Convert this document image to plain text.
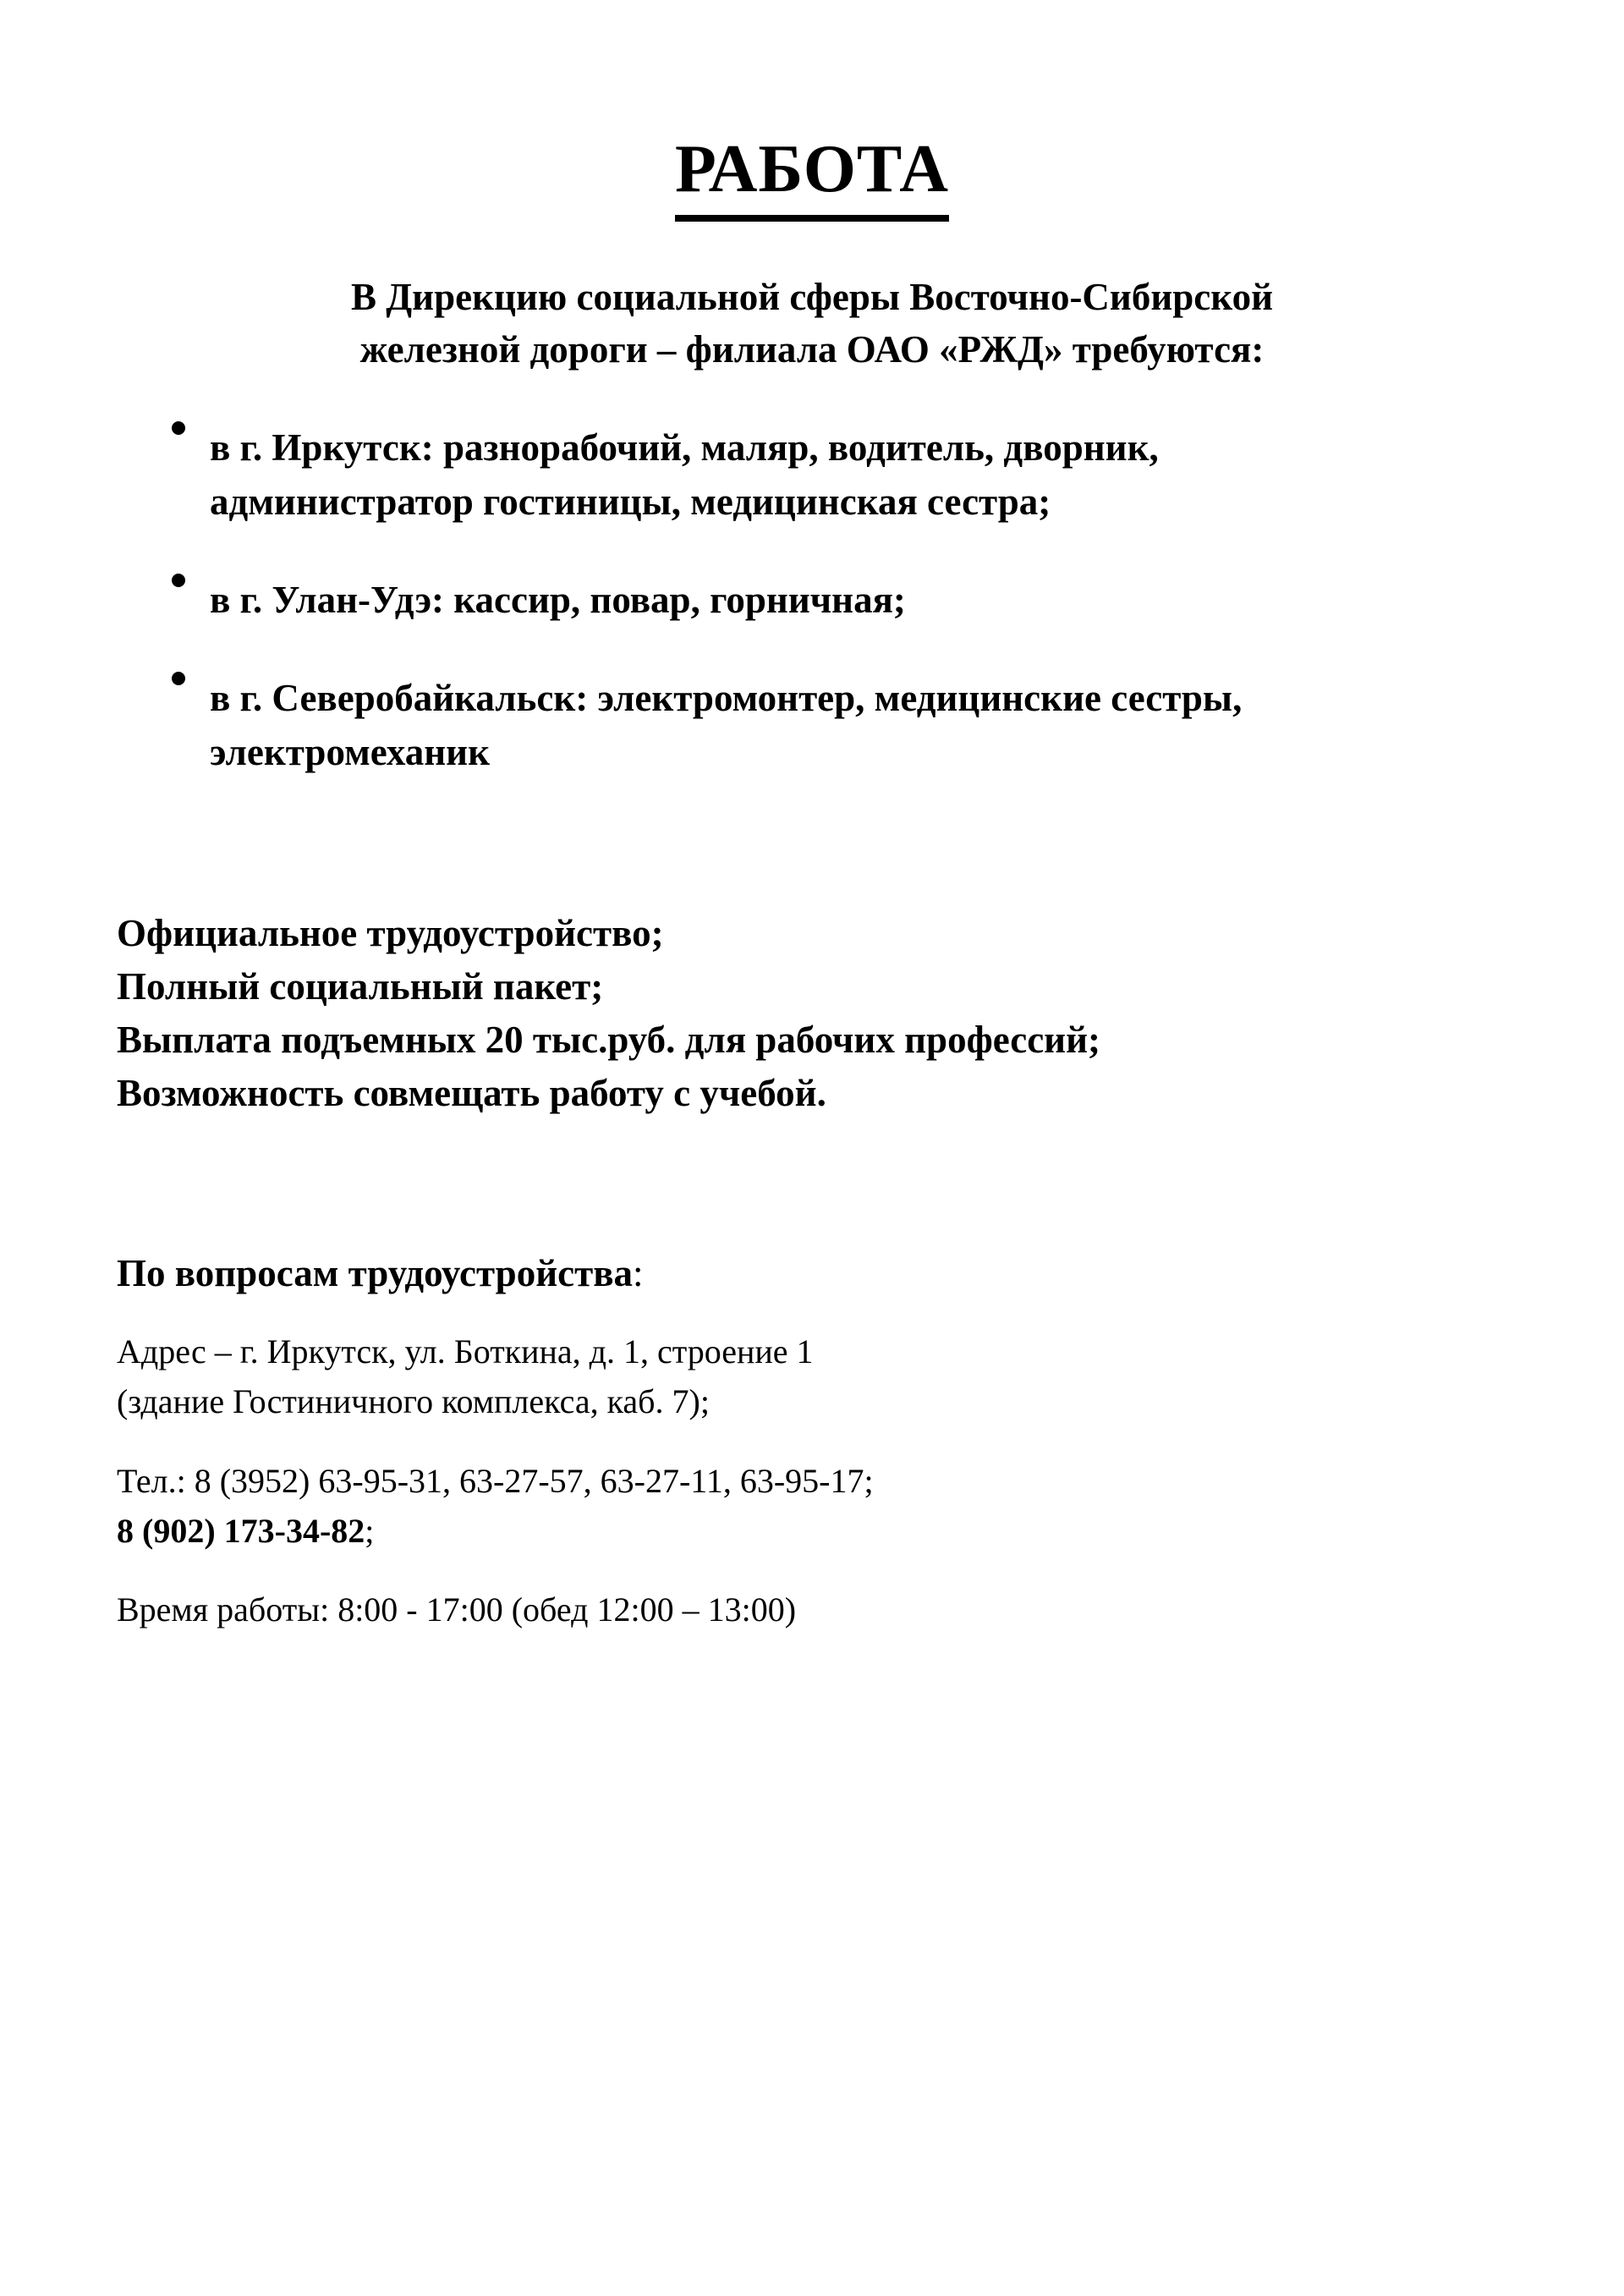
РАБОТА
В Дирекцию социальной сферы Восточно-Сибирской
железной дороги – филиала ОАО «РЖД» требуются:
в г. Иркутск: разнорабочий, маляр, водитель, дворник, администратор гостиницы, медицинская сестра;
в г. Улан-Удэ: кассир, повар, горничная;
в г. Северобайкальск: электромонтер, медицинские сестры, электромеханик
Официальное трудоустройство;
Полный социальный пакет;
Выплата подъемных 20 тыс.руб. для рабочих профессий;
Возможность совмещать работу с учебой.
По вопросам трудоустройства:
Адрес – г. Иркутск, ул. Боткина, д. 1, строение 1
(здание Гостиничного комплекса, каб. 7);
Тел.: 8 (3952) 63-95-31, 63-27-57, 63-27-11, 63-95-17;
8 (902) 173-34-82;
Время работы: 8:00 - 17:00 (обед 12:00 – 13:00)
